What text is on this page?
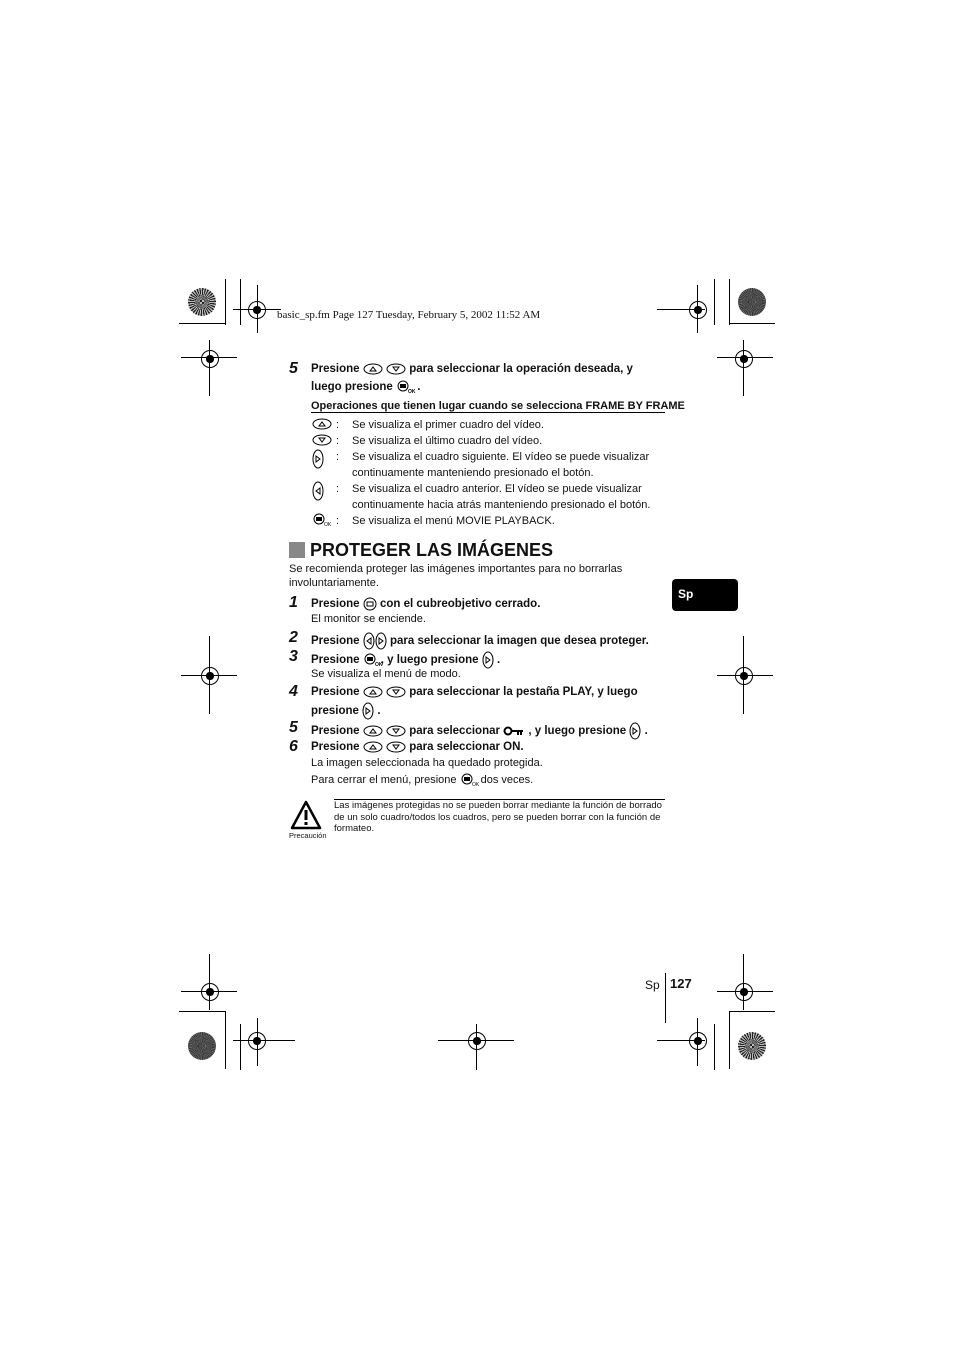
basic_sp.fm Page 127 Tuesday, February 5, 2002 11:52 AM
5 Presione	para seleccionar la operación deseada, y
luego presione	OK .
Operaciones que tienen lugar cuando se selecciona FRAME BY FRAME
: Se visualiza el primer cuadro del vídeo.
: Se visualiza el último cuadro del vídeo.
: Se visualiza el cuadro siguiente. El vídeo se puede visualizar
continuamente manteniendo presionado el botón.
: Se visualiza el cuadro anterior. El vídeo se puede visualizar
continuamente hacia atrás manteniendo presionado el botón.
OK : Se visualiza el menú MOVIE PLAYBACK.
PROTEGER LAS IMÁGENES
Se recomienda proteger las imágenes importantes para no borrarlas
involuntariamente.
Sp
1 Presione con el cubreobjetivo cerrado.
El monitor se enciende.
2 Presione	para seleccionar la imagen que desea proteger.
3 Presione	OK
, y luego presione .
Se visualiza el menú de modo.
4 Presione	para seleccionar la pestaña PLAY, y luego
presione .
5 Presione	para seleccionar , y luego presione .
6 Presione	para seleccionar ON.
La imagen seleccionada ha quedado protegida.
Para cerrar el menú, presione	OK dos veces.
Precaución
Las imágenes protegidas no se pueden borrar mediante la función de borrado
de un solo cuadro/todos los cuadros, pero se pueden borrar con la función de
formateo.
Sp 127
